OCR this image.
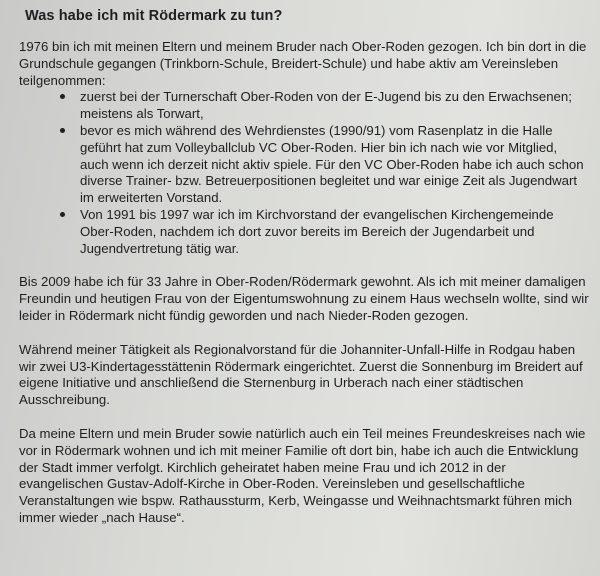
Was habe ich mit Rödermark zu tun?

1976 bin ich mit meinen Eltern und meinem Bruder nach Ober-Roden gezogen. Ich bin dort in die Grundschule gegangen (Trinkborn-Schule, Breidert-Schule) und habe aktiv am Vereinsleben teilgenommen:

zuerst bei der Turnerschaft Ober-Roden von der E-Jugend bis zu den Erwachsenen; meistens als Torwart,
bevor es mich während des Wehrdienstes (1990/91) vom Rasenplatz in die Halle geführt hat zum Volleyballclub VC Ober-Roden. Hier bin ich nach wie vor Mitglied, auch wenn ich derzeit nicht aktiv spiele. Für den VC Ober-Roden habe ich auch schon diverse Trainer- bzw. Betreuerpositionen begleitet und war einige Zeit als Jugendwart im erweiterten Vorstand.
Von 1991 bis 1997 war ich im Kirchvorstand der evangelischen Kirchengemeinde Ober-Roden, nachdem ich dort zuvor bereits im Bereich der Jugendarbeit und Jugendvertretung tätig war.

Bis 2009 habe ich für 33 Jahre in Ober-Roden/Rödermark gewohnt. Als ich mit meiner damaligen Freundin und heutigen Frau von der Eigentumswohnung zu einem Haus wechseln wollte, sind wir leider in Rödermark nicht fündig geworden und nach Nieder-Roden gezogen.

Während meiner Tätigkeit als Regionalvorstand für die Johanniter-Unfall-Hilfe in Rodgau haben wir zwei U3-Kindertagesstättenin Rödermark eingerichtet. Zuerst die Sonnenburg im Breidert auf eigene Initiative und anschließend die Sternenburg in Urberach nach einer städtischen Ausschreibung.

Da meine Eltern und mein Bruder sowie natürlich auch ein Teil meines Freundeskreises nach wie vor in Rödermark wohnen und ich mit meiner Familie oft dort bin, habe ich auch die Entwicklung der Stadt immer verfolgt. Kirchlich geheiratet haben meine Frau und ich 2012 in der evangelischen Gustav-Adolf-Kirche in Ober-Roden. Vereinsleben und gesellschaftliche Veranstaltungen wie bspw. Rathaussturm, Kerb, Weingasse und Weihnachtsmarkt führen mich immer wieder „nach Hause“.
